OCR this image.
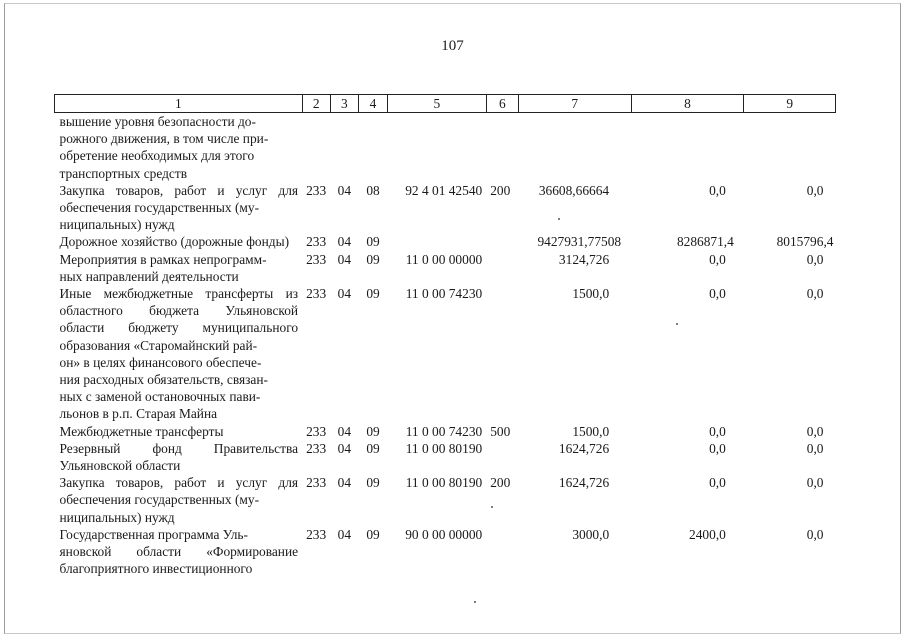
107
1	2	3	4	5	6	7	8	9
вышение уровня безопасности до-
рожного движения, в том числе при-
обретение необходимых для этого
транспортных средств								
Закупка товаров, работ и услуг для обеспечения государственных (му-
ниципальных) нужд	233	04	08	92 4 01 42540	200	36608,66664	0,0	0,0
Дорожное хозяйство (дорожные фонды)	233	04	09			9427931,77508	8286871,4	8015796,4
Мероприятия в рамках непрограмм-
ных направлений деятельности	233	04	09	11 0 00 00000		3124,726	0,0	0,0
Иные межбюджетные трансферты из областного бюджета Ульяновской области бюджету муниципального образования «Старомайнский рай-
он» в целях финансового обеспече-
ния расходных обязательств, связан-
ных с заменой остановочных пави-
льонов в р.п. Старая Майна	233	04	09	11 0 00 74230		1500,0	0,0	0,0
Межбюджетные трансферты	233	04	09	11 0 00 74230	500	1500,0	0,0	0,0
Резервный фонд Правительства Ульяновской области	233	04	09	11 0 00 80190		1624,726	0,0	0,0
Закупка товаров, работ и услуг для обеспечения государственных (му-
ниципальных) нужд	233	04	09	11 0 00 80190	200	1624,726	0,0	0,0
Государственная программа Уль-
яновской области «Формирование благоприятного инвестиционного	233	04	09	90 0 00 00000		3000,0	2400,0	0,0
